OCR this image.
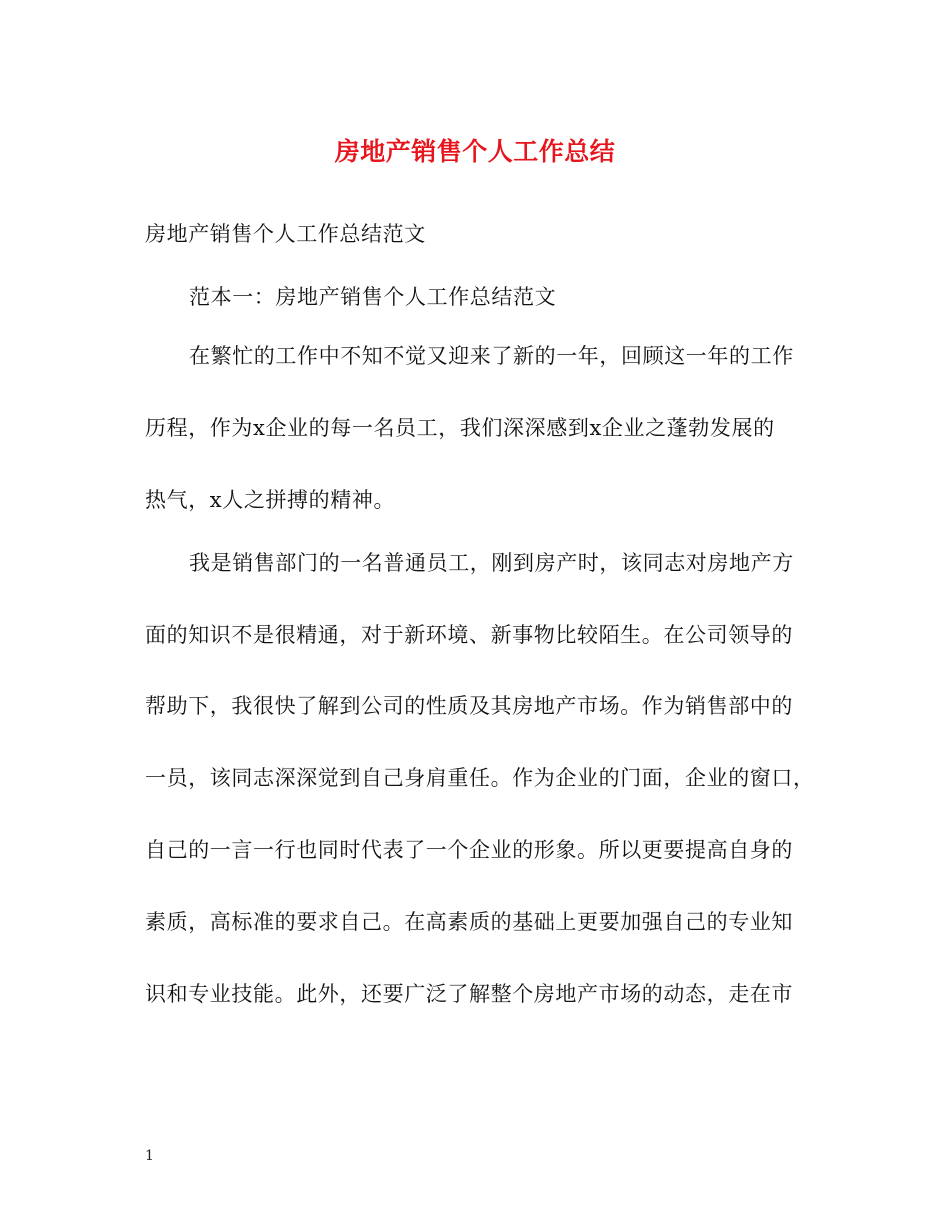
房地产销售个人工作总结
房地产销售个人工作总结范文
范本一：房地产销售个人工作总结范文
在繁忙的工作中不知不觉又迎来了新的一年，回顾这一年的工作
历程，作为x企业的每一名员工，我们深深感到x企业之蓬勃发展的
热气，x人之拼搏的精神。
我是销售部门的一名普通员工，刚到房产时，该同志对房地产方
面的知识不是很精通，对于新环境、新事物比较陌生。在公司领导的
帮助下，我很快了解到公司的性质及其房地产市场。作为销售部中的
一员，该同志深深觉到自己身肩重任。作为企业的门面，企业的窗口，
自己的一言一行也同时代表了一个企业的形象。所以更要提高自身的
素质，高标准的要求自己。在高素质的基础上更要加强自己的专业知
识和专业技能。此外，还要广泛了解整个房地产市场的动态，走在市
1
